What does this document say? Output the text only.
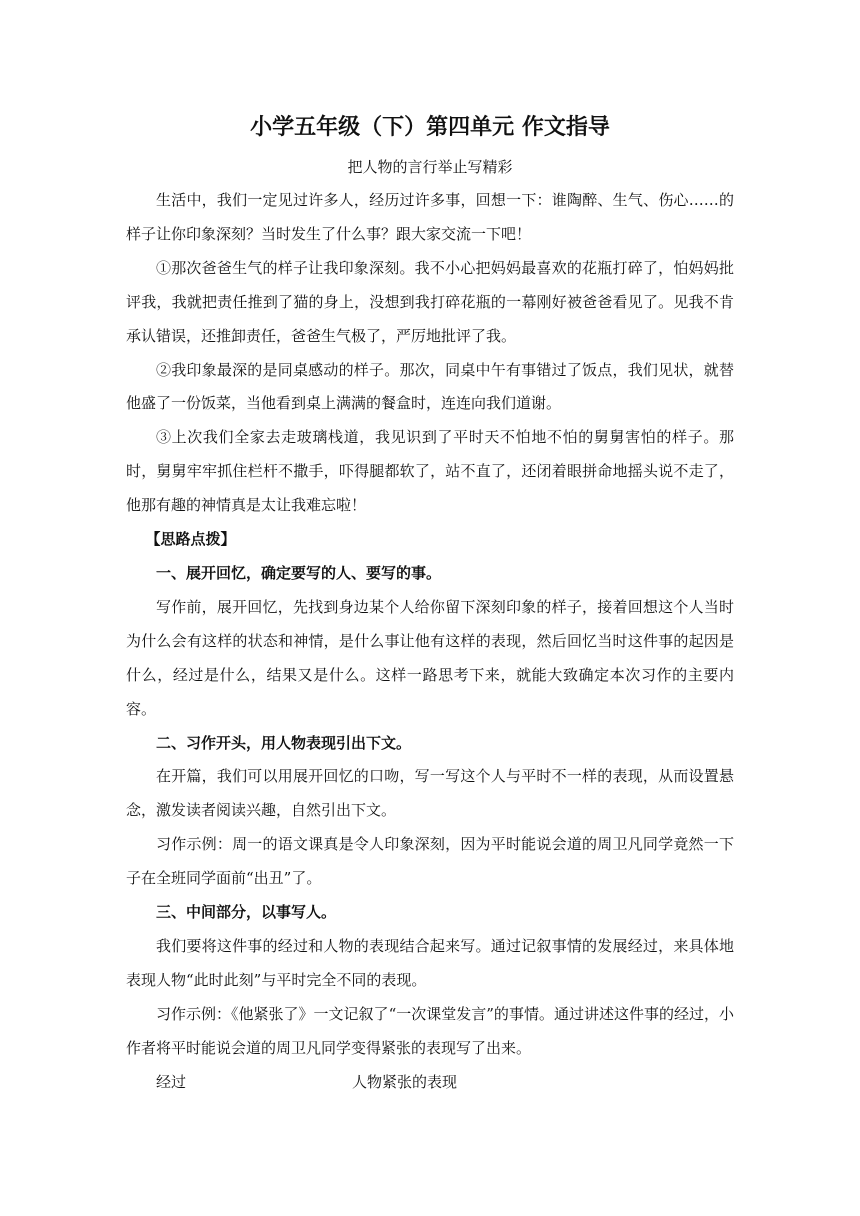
小学五年级（下）第四单元 作文指导
把人物的言行举止写精彩

生活中，我们一定见过许多人，经历过许多事，回想一下：谁陶醉、生气、伤心……的样子让你印象深刻？当时发生了什么事？跟大家交流一下吧！

①那次爸爸生气的样子让我印象深刻。我不小心把妈妈最喜欢的花瓶打碎了，怕妈妈批评我，我就把责任推到了猫的身上，没想到我打碎花瓶的一幕刚好被爸爸看见了。见我不肯承认错误，还推卸责任，爸爸生气极了，严厉地批评了我。

②我印象最深的是同桌感动的样子。那次，同桌中午有事错过了饭点，我们见状，就替他盛了一份饭菜，当他看到桌上满满的餐盒时，连连向我们道谢。

③上次我们全家去走玻璃栈道，我见识到了平时天不怕地不怕的舅舅害怕的样子。那时，舅舅牢牢抓住栏杆不撒手，吓得腿都软了，站不直了，还闭着眼拼命地摇头说不走了，他那有趣的神情真是太让我难忘啦！

【思路点拨】

一、展开回忆，确定要写的人、要写的事。

写作前，展开回忆，先找到身边某个人给你留下深刻印象的样子，接着回想这个人当时为什么会有这样的状态和神情，是什么事让他有这样的表现，然后回忆当时这件事的起因是什么，经过是什么，结果又是什么。这样一路思考下来，就能大致确定本次习作的主要内容。

二、习作开头，用人物表现引出下文。

在开篇，我们可以用展开回忆的口吻，写一写这个人与平时不一样的表现，从而设置悬念，激发读者阅读兴趣，自然引出下文。

习作示例：周一的语文课真是令人印象深刻，因为平时能说会道的周卫凡同学竟然一下子在全班同学面前“出丑”了。

三、中间部分，以事写人。

我们要将这件事的经过和人物的表现结合起来写。通过记叙事情的发展经过，来具体地表现人物“此时此刻”与平时完全不同的表现。

习作示例：《他紧张了》一文记叙了“一次课堂发言”的事情。通过讲述这件事的经过，小作者将平时能说会道的周卫凡同学变得紧张的表现写了出来。

经过	人物紧张的表现
